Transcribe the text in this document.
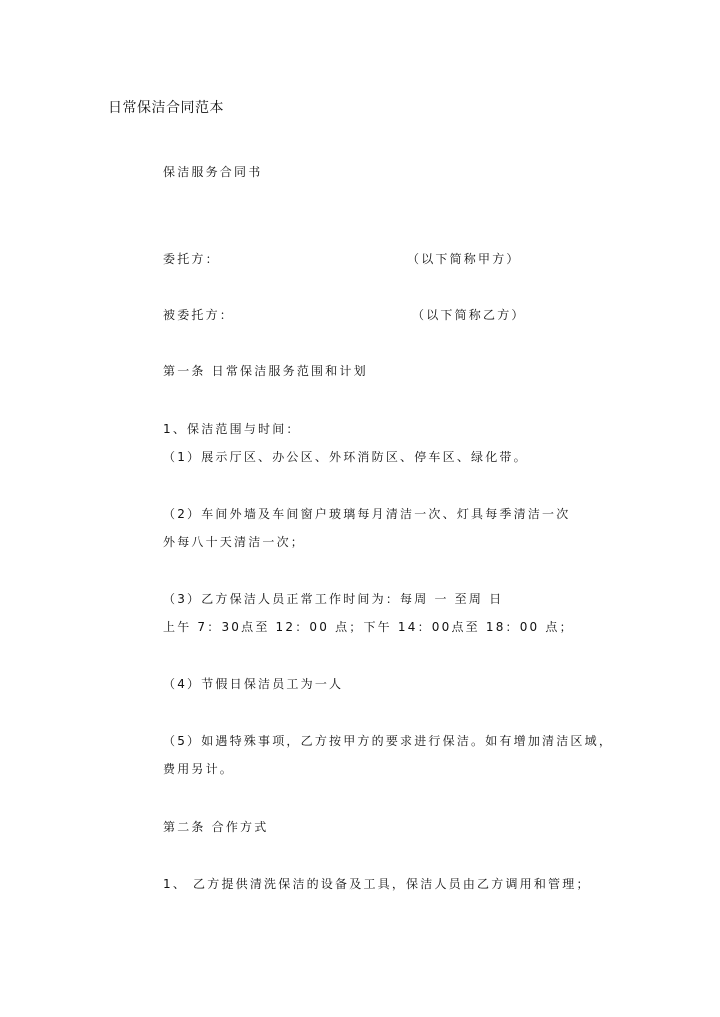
日常保洁合同范本
保洁服务合同书
委托方：	（以下简称甲方）
被委托方：	（以下简称乙方）
第一条 日常保洁服务范围和计划
1、保洁范围与时间：
（1）展示厅区、办公区、外环消防区、停车区、绿化带。
（2）车间外墙及车间窗户玻璃每月清洁一次、灯具每季清洁一次
外每八十天清洁一次；
（3）乙方保洁人员正常工作时间为：每周 一 至周 日
上午 7：30点至 12：00 点；下午 14：00点至 18：00 点；
（4）节假日保洁员工为一人
（5）如遇特殊事项，乙方按甲方的要求进行保洁。如有增加清洁区域，
费用另计。
第二条 合作方式
1、 乙方提供清洗保洁的设备及工具，保洁人员由乙方调用和管理；
